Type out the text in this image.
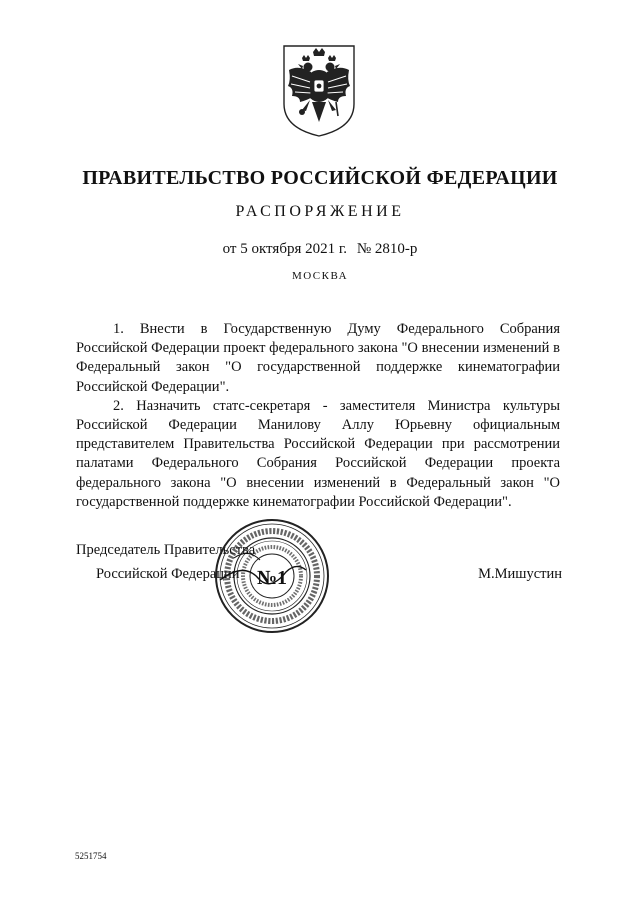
ПРАВИТЕЛЬСТВО РОССИЙСКОЙ ФЕДЕРАЦИИ
РАСПОРЯЖЕНИЕ
от 5 октября 2021 г. № 2810-р
МОСКВА

1. Внести в Государственную Думу Федерального Собрания Российской Федерации проект федерального закона "О внесении изменений в Федеральный закон "О государственной поддержке кинематографии Российской Федерации".

2. Назначить статс-секретаря - заместителя Министра культуры Российской Федерации Манилову Аллу Юрьевну официальным представителем Правительства Российской Федерации при рассмотрении палатами Федерального Собрания Российской Федерации проекта федерального закона "О внесении изменений в Федеральный закон "О государственной поддержке кинематографии Российской Федерации".

Председатель Правительства
Российской Федерации	М.Мишустин
№1
5251754
